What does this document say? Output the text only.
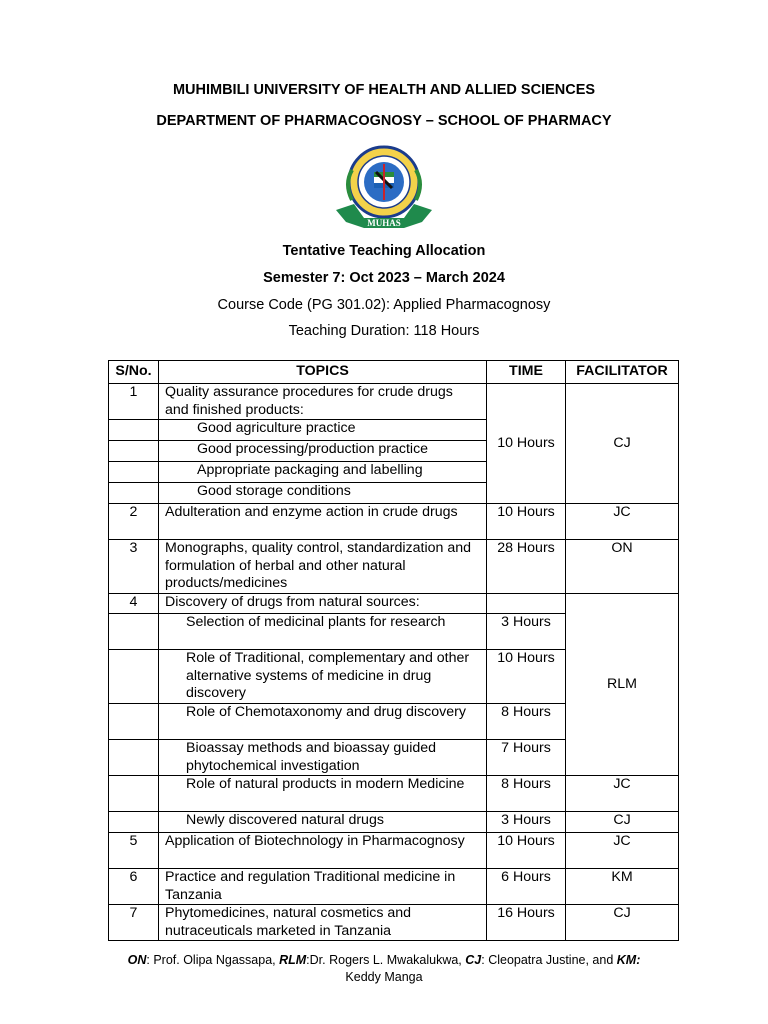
MUHIMBILI UNIVERSITY OF HEALTH AND ALLIED SCIENCES
DEPARTMENT OF PHARMACOGNOSY – SCHOOL OF PHARMACY
MUHAS
Tentative Teaching Allocation
Semester 7: Oct 2023 – March 2024
Course Code (PG 301.02): Applied Pharmacognosy
Teaching Duration: 118 Hours
S/No.	TOPICS	TIME	FACILITATOR
1	Quality assurance procedures for crude drugs and finished products:	10 Hours	CJ
	Good agriculture practice		
	Good processing/production practice		
	Appropriate packaging and labelling		
	Good storage conditions		
2	Adulteration and enzyme action in crude drugs	10 Hours	JC
3	Monographs, quality control, standardization and formulation of herbal and other natural products/medicines	28 Hours	ON
4	Discovery of drugs from natural sources:		RLM
	Selection of medicinal plants for research	3 Hours	
	Role of Traditional, complementary and other alternative systems of medicine in drug discovery	10 Hours	
	Role of Chemotaxonomy and drug discovery	8 Hours	
	Bioassay methods and bioassay guided phytochemical investigation	7 Hours	
	Role of natural products in modern Medicine	8 Hours	JC
	Newly discovered natural drugs	3 Hours	CJ
5	Application of Biotechnology in Pharmacognosy	10 Hours	JC
6	Practice and regulation Traditional medicine in Tanzania	6 Hours	KM
7	Phytomedicines, natural cosmetics and nutraceuticals marketed in Tanzania	16 Hours	CJ
ON: Prof. Olipa Ngassapa, RLM:Dr. Rogers L. Mwakalukwa, CJ: Cleopatra Justine, and KM:
Keddy Manga
